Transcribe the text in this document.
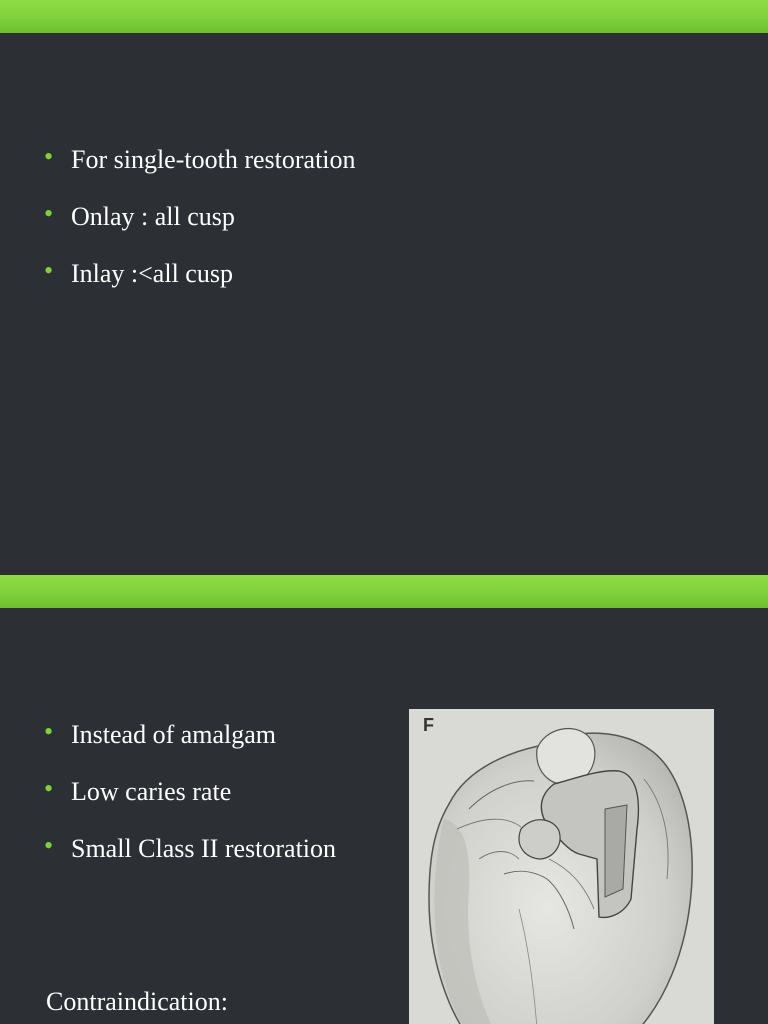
• For single-tooth restoration
• Onlay : all cusp
• Inlay :<all cusp
• Instead of amalgam
• Low caries rate
• Small Class II restoration

Contraindication:

F
